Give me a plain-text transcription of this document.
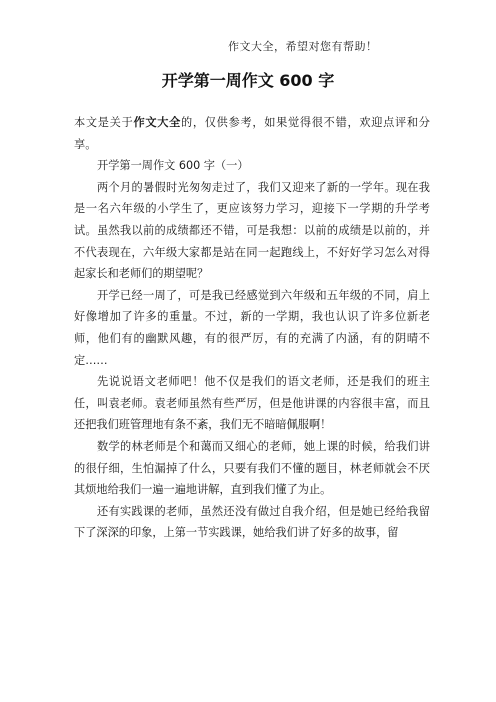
作文大全，希望对您有帮助！
开学第一周作文 600 字

本文是关于作文大全的，仅供参考，如果觉得很不错，欢迎点评和分享。

开学第一周作文 600 字（一）

两个月的暑假时光匆匆走过了，我们又迎来了新的一学年。现在我是一名六年级的小学生了，更应该努力学习，迎接下一学期的升学考试。虽然我以前的成绩都还不错，可是我想：以前的成绩是以前的，并不代表现在，六年级大家都是站在同一起跑线上，不好好学习怎么对得起家长和老师们的期望呢？

开学已经一周了，可是我已经感觉到六年级和五年级的不同，肩上好像增加了许多的重量。不过，新的一学期，我也认识了许多位新老师，他们有的幽默风趣，有的很严厉，有的充满了内涵，有的阴晴不定……

先说说语文老师吧！他不仅是我们的语文老师，还是我们的班主任，叫袁老师。袁老师虽然有些严厉，但是他讲课的内容很丰富，而且还把我们班管理地有条不紊，我们无不暗暗佩服啊！

数学的林老师是个和蔼而又细心的老师，她上课的时候，给我们讲的很仔细，生怕漏掉了什么，只要有我们不懂的题目，林老师就会不厌其烦地给我们一遍一遍地讲解，直到我们懂了为止。

还有实践课的老师，虽然还没有做过自我介绍，但是她已经给我留下了深深的印象，上第一节实践课，她给我们讲了好多的故事，留
